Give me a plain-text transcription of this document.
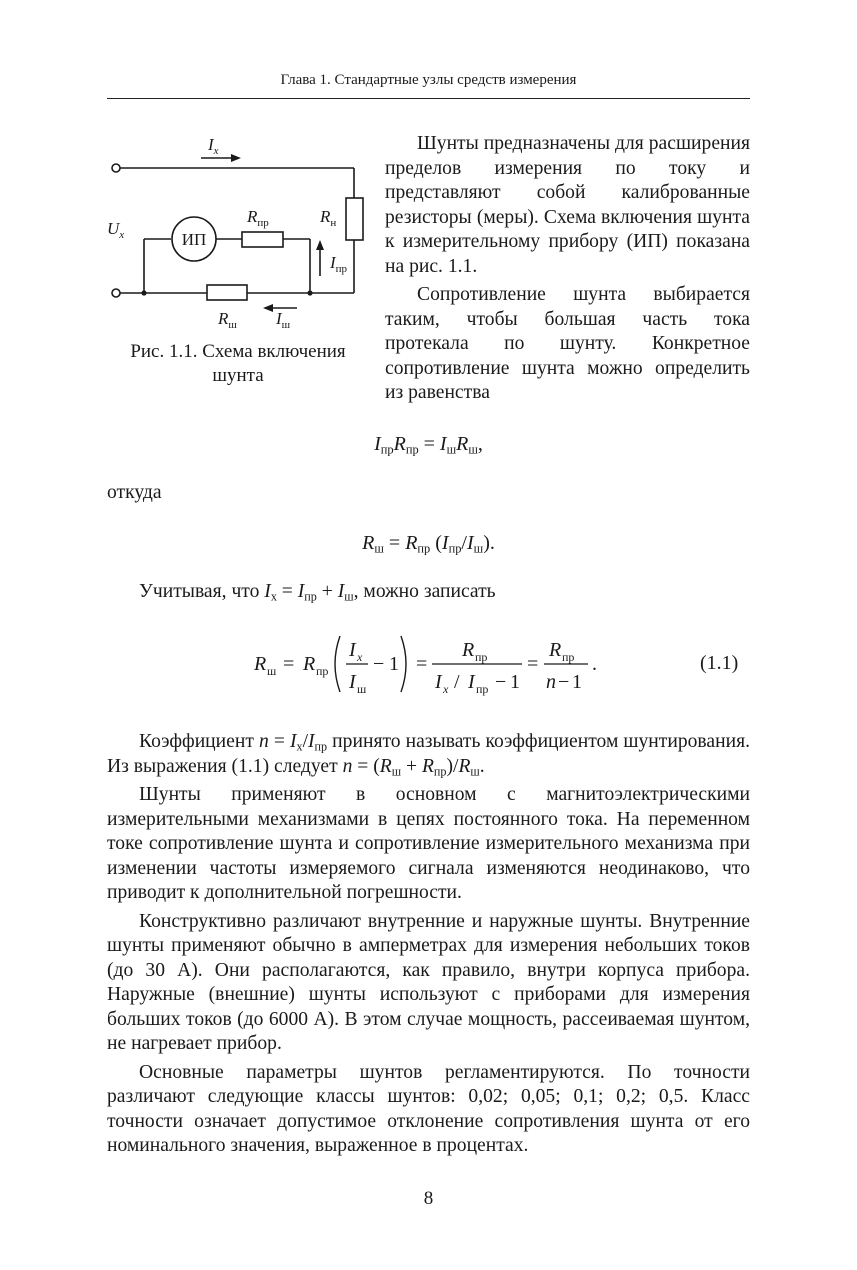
Глава 1. Стандартные узлы средств измерения
$I_x$
$U_x$	ИП
$R_{пр}$	$R_н$
$I_{пр}$
$R_ш$ $I_ш$
Рис. 1.1. Схема включения
шунта

Шунты предназначены для расширения пределов измерения по току и представляют собой калиброванные резисторы (меры). Схема включения шунта к измерительному прибору (ИП) показана на рис. 1.1.

Сопротивление шунта выбирается таким, чтобы большая часть тока протекала по шунту. Конкретное сопротивление шунта можно определить из равенства

$I_{пр}R_{пр} = I_шR_ш$,
откуда
$R_ш = R_{пр}$ $(I_{пр}/I_ш)$.
Учитывая, что $I_x = I_{пр} + I_ш$, можно записать
R ш = R пр
I x
I ш
− 1 =
R пр
I x / I пр − 1
=
R пр
n − 1
.	(1.1)

Коэффициент $n = I_x/I_{пр}$ принято называть коэффициентом шунтирования. Из выражения (1.1) следует $n = (R_ш + R_{пр})/R_ш$.

Шунты применяют в основном с магнитоэлектрическими измерительными механизмами в цепях постоянного тока. На переменном токе сопротивление шунта и сопротивление измерительного механизма при изменении частоты измеряемого сигнала изменяются неодинаково, что приводит к дополнительной погрешности.

Конструктивно различают внутренние и наружные шунты. Внутренние шунты применяют обычно в амперметрах для измерения небольших токов (до 30 А). Они располагаются, как правило, внутри корпуса прибора. Наружные (внешние) шунты используют с приборами для измерения больших токов (до 6000 А). В этом случае мощность, рассеиваемая шунтом, не нагревает прибор.

Основные параметры шунтов регламентируются. По точности различают следующие классы шунтов: 0,02; 0,05; 0,1; 0,2; 0,5. Класс точности означает допустимое отклонение сопротивления шунта от его номинального значения, выраженное в процентах.

8
